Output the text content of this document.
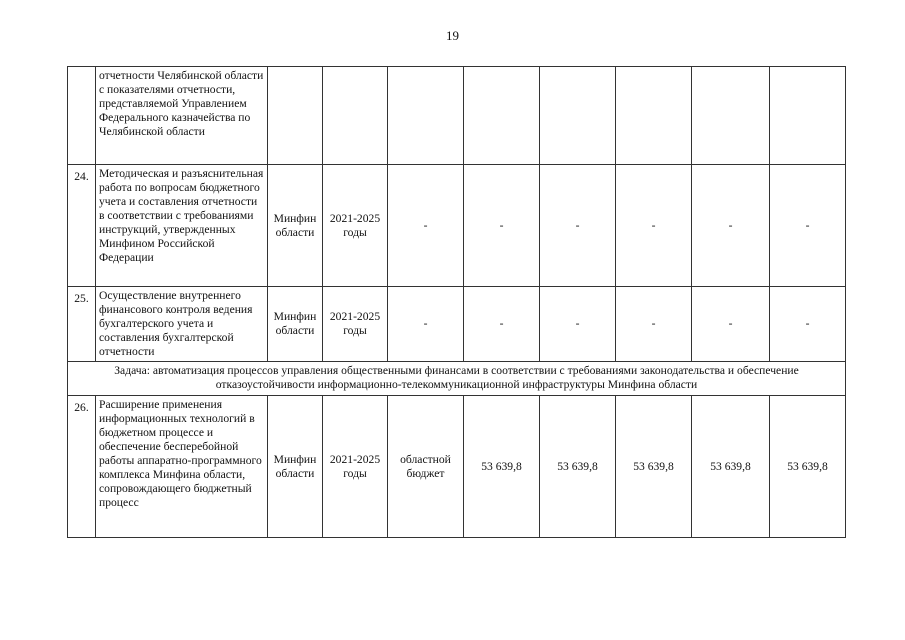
19
	отчетности Челябинской области с показателями отчетности, представляемой Управлением Федерального казначейства по Челябинской области								
24.	Методическая и разъяснительная работа по вопросам бюджетного учета и составления отчетности в соответствии с требованиями инструкций, утвержденных Минфином Российской Федерации	Минфин области	2021-2025 годы	-	-	-	-	-	-
25.	Осуществление внутреннего финансового контроля ведения бухгалтерского учета и составления бухгалтерской отчетности	Минфин области	2021-2025 годы	-	-	-	-	-	-
Задача: автоматизация процессов управления общественными финансами в соответствии с требованиями законодательства и обеспечение отказоустойчивости информационно-телекоммуникационной инфраструктуры Минфина области									
26.	Расширение применения информационных технологий в бюджетном процессе и обеспечение бесперебойной работы аппаратно-программного комплекса Минфина области, сопровождающего бюджетный процесс	Минфин области	2021-2025 годы	областной бюджет	53 639,8	53 639,8	53 639,8	53 639,8	53 639,8
